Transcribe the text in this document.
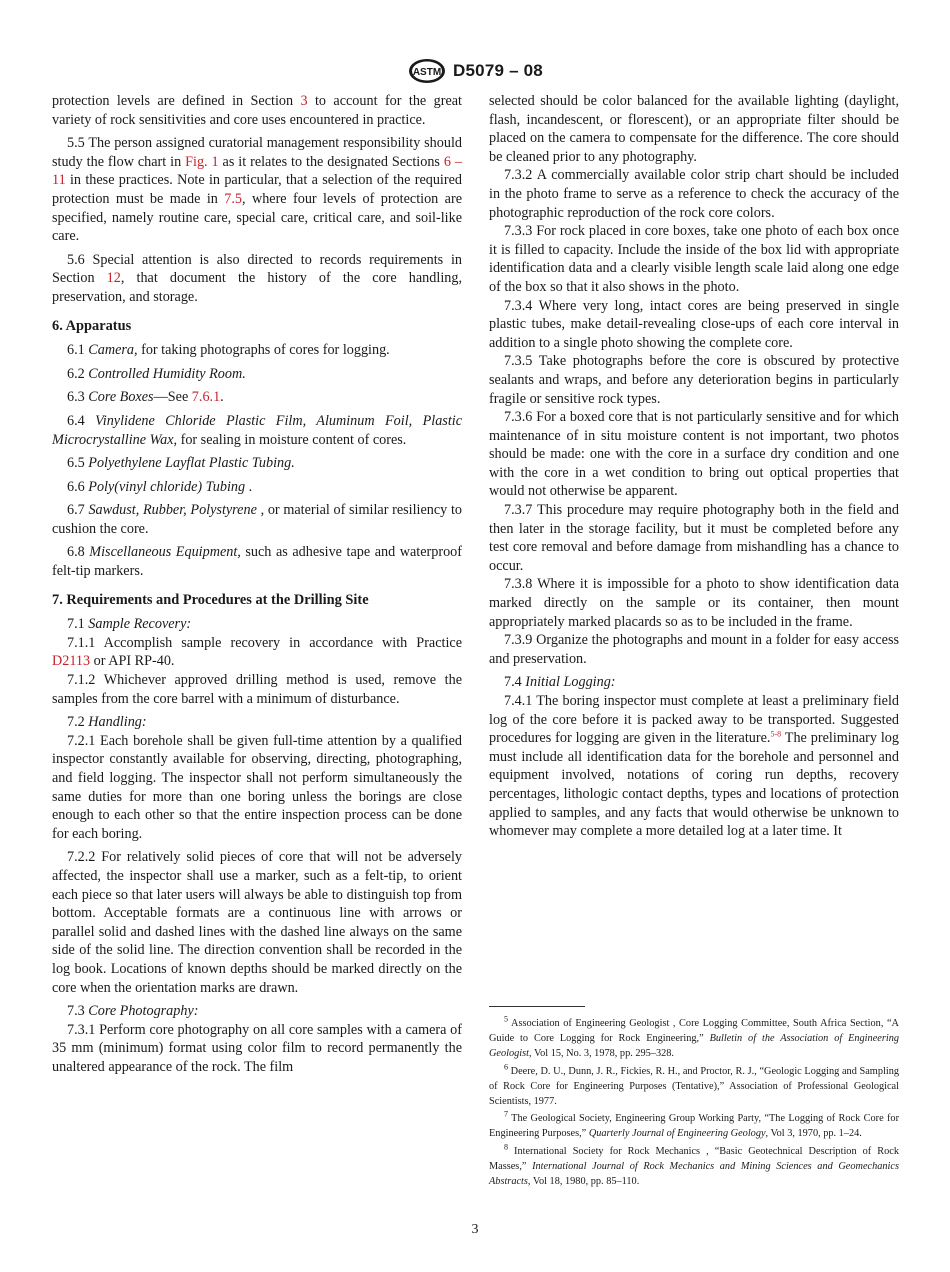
ASTM D5079 – 08

protection levels are defined in Section 3 to account for the great variety of rock sensitivities and core uses encountered in practice.

5.5 The person assigned curatorial management responsibility should study the flow chart in Fig. 1 as it relates to the designated Sections 6 – 11 in these practices. Note in particular, that a selection of the required protection must be made in 7.5, where four levels of protection are specified, namely routine care, special care, critical care, and soil-like care.

5.6 Special attention is also directed to records requirements in Section 12, that document the history of the core handling, preservation, and storage.

6. Apparatus

6.1 Camera, for taking photographs of cores for logging.

6.2 Controlled Humidity Room.

6.3 Core Boxes—See 7.6.1.

6.4 Vinylidene Chloride Plastic Film, Aluminum Foil, Plastic Microcrystalline Wax, for sealing in moisture content of cores.

6.5 Polyethylene Layflat Plastic Tubing.

6.6 Poly(vinyl chloride) Tubing .

6.7 Sawdust, Rubber, Polystyrene , or material of similar resiliency to cushion the core.

6.8 Miscellaneous Equipment, such as adhesive tape and waterproof felt-tip markers.

7. Requirements and Procedures at the Drilling Site

7.1 Sample Recovery:

7.1.1 Accomplish sample recovery in accordance with Practice D2113 or API RP-40.

7.1.2 Whichever approved drilling method is used, remove the samples from the core barrel with a minimum of disturbance.

7.2 Handling:

7.2.1 Each borehole shall be given full-time attention by a qualified inspector constantly available for observing, directing, photographing, and field logging. The inspector shall not perform simultaneously the same duties for more than one boring unless the borings are close enough to each other so that the entire inspection process can be done for each boring.

7.2.2 For relatively solid pieces of core that will not be adversely affected, the inspector shall use a marker, such as a felt-tip, to orient each piece so that later users will always be able to distinguish top from bottom. Acceptable formats are a continuous line with arrows or parallel solid and dashed lines with the dashed line always on the same side of the solid line. The direction convention shall be recorded in the log book. Locations of known depths should be marked directly on the core when the orientation marks are drawn.

7.3 Core Photography:

7.3.1 Perform core photography on all core samples with a camera of 35 mm (minimum) format using color film to record permanently the unaltered appearance of the rock. The film

selected should be color balanced for the available lighting (daylight, flash, incandescent, or florescent), or an appropriate filter should be placed on the camera to compensate for the difference. The core should be cleaned prior to any photography.

7.3.2 A commercially available color strip chart should be included in the photo frame to serve as a reference to check the accuracy of the photographic reproduction of the rock core colors.

7.3.3 For rock placed in core boxes, take one photo of each box once it is filled to capacity. Include the inside of the box lid with appropriate identification data and a clearly visible length scale laid along one edge of the box so that it also shows in the photo.

7.3.4 Where very long, intact cores are being preserved in single plastic tubes, make detail-revealing close-ups of each core interval in addition to a single photo showing the complete core.

7.3.5 Take photographs before the core is obscured by protective sealants and wraps, and before any deterioration begins in particularly fragile or sensitive rock types.

7.3.6 For a boxed core that is not particularly sensitive and for which maintenance of in situ moisture content is not important, two photos should be made: one with the core in a surface dry condition and one with the core in a wet condition to bring out optical properties that would not otherwise be apparent.

7.3.7 This procedure may require photography both in the field and then later in the storage facility, but it must be completed before any test core removal and before damage from mishandling has a chance to occur.

7.3.8 Where it is impossible for a photo to show identification data marked directly on the sample or its container, then mount appropriately marked placards so as to be included in the frame.

7.3.9 Organize the photographs and mount in a folder for easy access and preservation.

7.4 Initial Logging:

7.4.1 The boring inspector must complete at least a preliminary field log of the core before it is packed away to be transported. Suggested procedures for logging are given in the literature.$^{5-8}$ The preliminary log must include all identification data for the borehole and personnel and equipment involved, notations of coring run depths, recovery percentages, lithologic contact depths, types and locations of protection applied to samples, and any facts that would otherwise be unknown to whomever may complete a more detailed log at a later time. It

$^5$ Association of Engineering Geologist , Core Logging Committee, South Africa Section, “A Guide to Core Logging for Rock Engineering,” Bulletin of the Association of Engineering Geologist, Vol 15, No. 3, 1978, pp. 295–328.

$^6$ Deere, D. U., Dunn, J. R., Fickies, R. H., and Proctor, R. J., “Geologic Logging and Sampling of Rock Core for Engineering Purposes (Tentative),” Association of Professional Geological Scientists, 1977.

$^7$ The Geological Society, Engineering Group Working Party, “The Logging of Rock Core for Engineering Purposes,” Quarterly Journal of Engineering Geology, Vol 3, 1970, pp. 1–24.

$^8$ International Society for Rock Mechanics , “Basic Geotechnical Description of Rock Masses,” International Journal of Rock Mechanics and Mining Sciences and Geomechanics Abstracts, Vol 18, 1980, pp. 85–110.

3
